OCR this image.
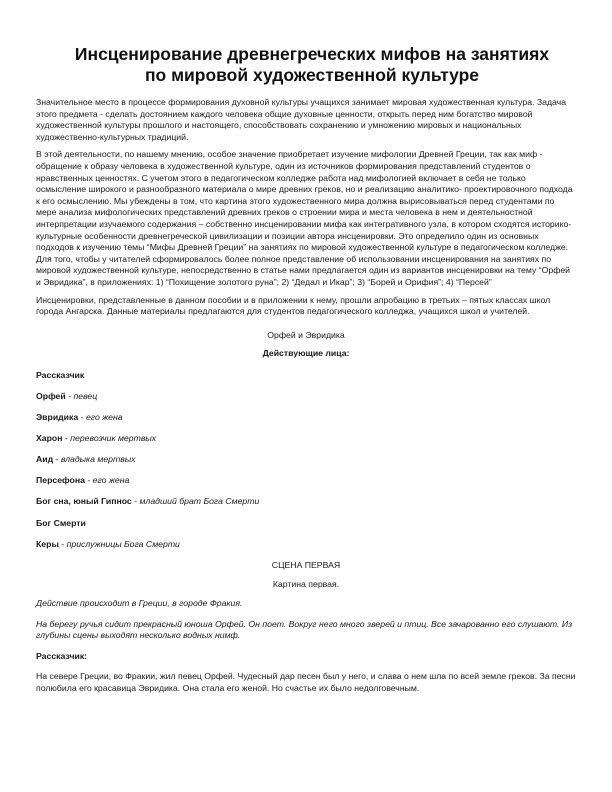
Инсценирование древнегреческих мифов на занятиях
по мировой художественной культуре

Значительное место в процессе формирования духовной культуры учащихся занимает мировая художественная культура. Задача этого предмета - сделать достоянием каждого человека общие духовные ценности, открыть перед ним богатство мировой художественной культуры прошлого и настоящего, способствовать сохранению и умножению мировых и национальных художественно-культурных традиций.

В этой деятельности, по нашему мнению, особое значение приобретает изучение мифологии Древней Греции, так как миф - обращение к образу человека в художественной культуре, один из источников формирования представлений студентов о нравственных ценностях. С учетом этого в педагогическом колледже работа над мифологией включает в себя не только осмысление широкого и разнообразного материала о мире древних греков, но и реализацию аналитико- проектировочного подхода к его осмыслению. Мы убеждены в том, что картина этого художественного мира должна вырисовываться перед студентами по мере анализа мифологических представлений древних греков о строении мира и места человека в нем и деятельностной интерпретации изучаемого содержания – собственно инсценировании мифа как интегративного узла, в котором сходятся историко-культурные особенности древнегреческой цивилизации и позиции автора инсценировки. Это определило один из основных подходов к изучению темы “Мифы Древней Греции” на занятиях по мировой художественной культуре в педагогическом колледже. Для того, чтобы у читателей сформировалось более полное представление об использовании инсценирования на занятиях по мировой художественной культуре, непосредственно в статье нами предлагается один из вариантов инсценировки на тему “Орфей и Эвридика”, в приложениях: 1) “Похищение золотого руна”; 2) “Дедал и Икар”; 3) “Борей и Орифия”; 4) “Персей”

Инсценировки, представленные в данном пособии и в приложении к нему, прошли апробацию в третьих – пятых классах школ города Ангарска. Данные материалы предлагаются для студентов педагогического колледжа, учащихся школ и учителей.

Орфей и Эвридика

Действующие лица:

Рассказчик

Орфей - певец

Эвридика - его жена

Харон - перевозчик мертвых

Аид - владыка мертвых

Персефона - его жена

Бог сна, юный Гипнос - младший брат Бога Смерти

Бог Смерти

Керы - прислужницы Бога Смерти

СЦЕНА ПЕРВАЯ

Картина первая.

Действие происходит в Греции, в городе Фракия.

На берегу ручья сидит прекрасный юноша Орфей. Он поет. Вокруг него много зверей и птиц. Все зачарованно его слушают. Из глубины сцены выходят несколько водных нимф.

Рассказчик:

На севере Греции, во Фракии, жил певец Орфей. Чудесный дар песен был у него, и слава о нем шла по всей земле греков. За песни полюбила его красавица Эвридика. Она стала его женой. Но счастье их было недолговечным.
